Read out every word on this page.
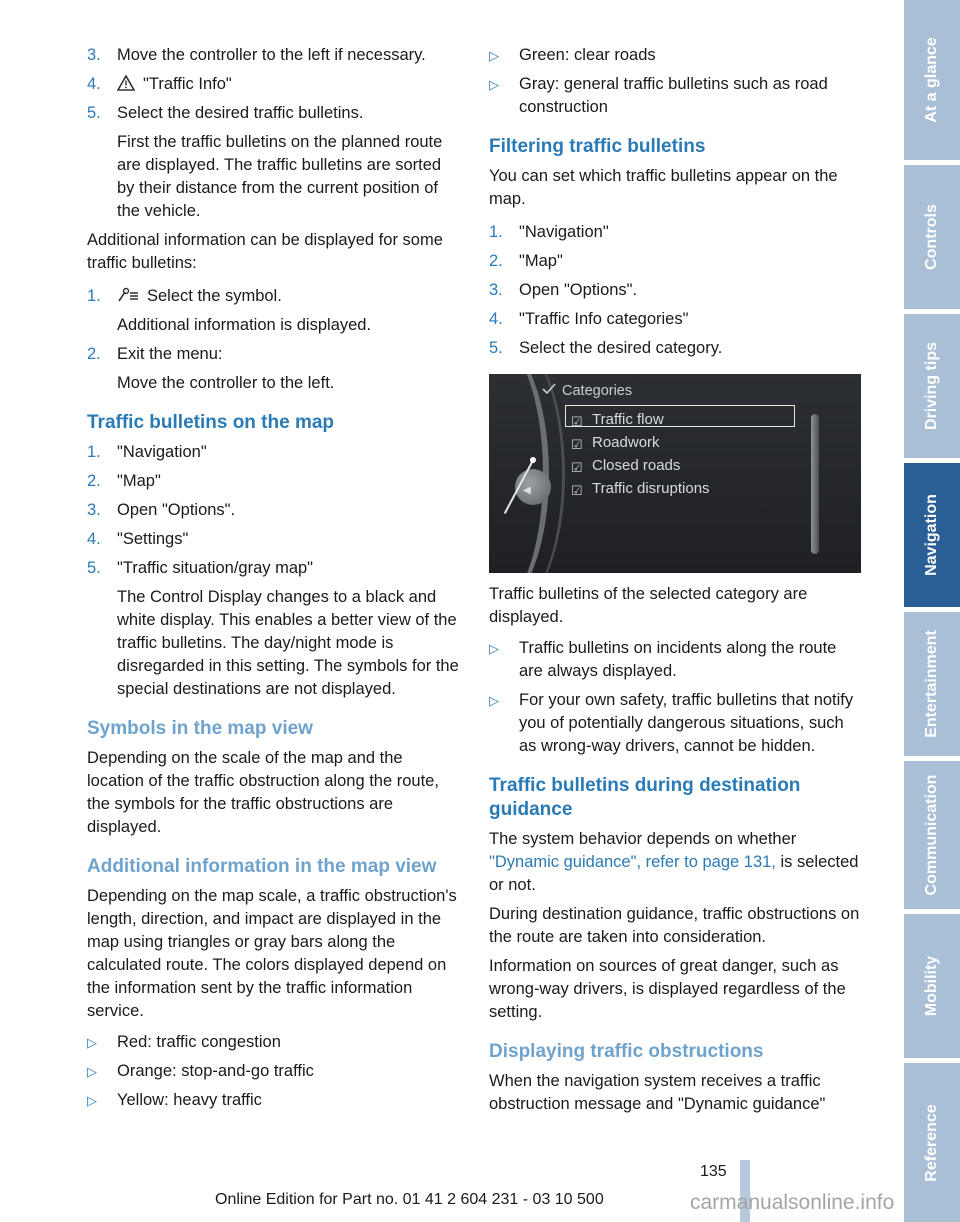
3. Move the controller to the left if necessary.
4.	"Traffic Info"
5. Select the desired traffic bulletins.

First the traffic bulletins on the planned route are displayed. The traffic bulletins are sorted by their distance from the current position of the vehicle.

Additional information can be displayed for some traffic bulletins:

1.	Select the symbol.

Additional information is displayed.

2. Exit the menu:

Move the controller to the left.

Traffic bulletins on the map
1. "Navigation"
2. "Map"
3. Open "Options".
4. "Settings"
5. "Traffic situation/gray map"

The Control Display changes to a black and white display. This enables a better view of the traffic bulletins. The day/night mode is disregarded in this setting. The symbols for the special destinations are not displayed.

Symbols in the map view

Depending on the scale of the map and the location of the traffic obstruction along the route, the symbols for the traffic obstructions are displayed.

Additional information in the map view

Depending on the map scale, a traffic obstruction's length, direction, and impact are displayed in the map using triangles or gray bars along the calculated route. The colors displayed depend on the information sent by the traffic information service.

▷ Red: traffic congestion
▷ Orange: stop-and-go traffic
▷ Yellow: heavy traffic
▷ Green: clear roads
▷ Gray: general traffic bulletins such as road construction
Filtering traffic bulletins

You can set which traffic bulletins appear on the map.

1. "Navigation"
2. "Map"
3. Open "Options".
4. "Traffic Info categories"
5. Select the desired category.
◀
Categories
☑ Traffic flow
☑ Roadwork
☑ Closed roads
☑ Traffic disruptions

Traffic bulletins of the selected category are displayed.

▷ Traffic bulletins on incidents along the route are always displayed.
▷ For your own safety, traffic bulletins that notify you of potentially dangerous situations, such as wrong-way drivers, cannot be hidden.
Traffic bulletins during destination guidance

The system behavior depends on whether "Dynamic guidance", refer to page 131, is selected or not.

During destination guidance, traffic obstructions on the route are taken into consideration.

Information on sources of great danger, such as wrong-way drivers, is displayed regardless of the setting.

Displaying traffic obstructions

When the navigation system receives a traffic obstruction message and "Dynamic guidance"

At a glance
Controls
Driving tips
Navigation
Entertainment
Communication
Mobility
Reference
135
Online Edition for Part no. 01 41 2 604 231 - 03 10 500	carmanualsonline.info
